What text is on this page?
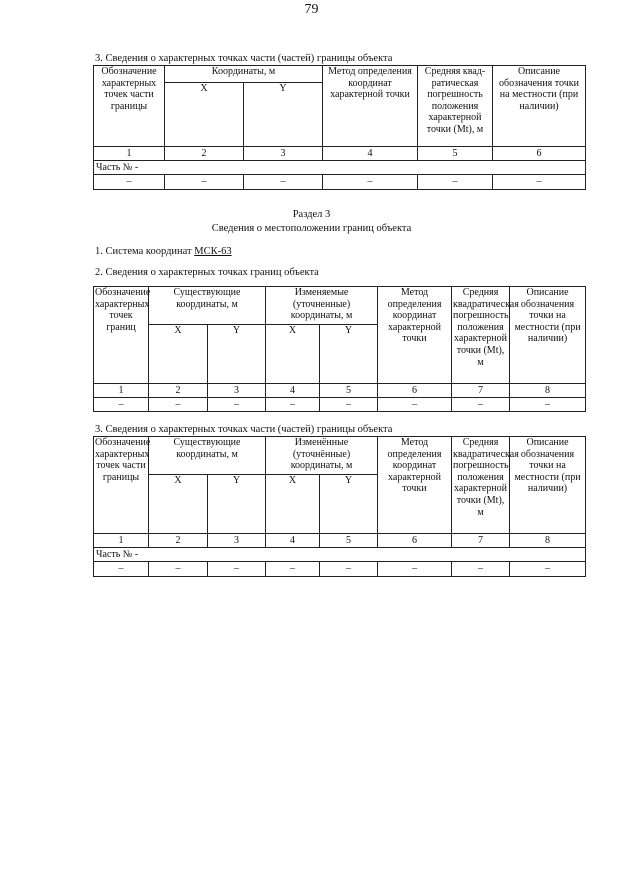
79
3. Сведения о характерных точках части (частей) границы объекта
Обозначение характерных точек части границы	Координаты, м		Метод определения координат характерной точки	Средняя квад-ратическая погрешность положения характерной точки (Mt), м	Описание обозначения точки на местности (при наличии)
	X	Y			
1	2	3	4	5	6
Часть № -					
–	–	–	–	–	–
Раздел 3
Сведения о местоположении границ объекта
1. Система координат МСК-63
2. Сведения о характерных точках границ объекта
Обозначение характерных точек границ	Существующие координаты, м		Изменяемые (уточненные) координаты, м		Метод определения координат характерной точки	Средняя квадратическая погрешность положения характерной точки (Mt), м	Описание обозначения точки на местности (при наличии)
	X	Y	X	Y			
1	2	3	4	5	6	7	8
–	–	–	–	–	–	–	–
3. Сведения о характерных точках части (частей) границы объекта
Обозначение характерных точек части границы	Существующие координаты, м		Изменённые (уточнённые) координаты, м		Метод определения координат характерной точки	Средняя квадратическая погрешность положения характерной точки (Mt), м	Описание обозначения точки на местности (при наличии)
	X	Y	X	Y			
1	2	3	4	5	6	7	8
Часть № -							
–	–	–	–	–	–	–	–
